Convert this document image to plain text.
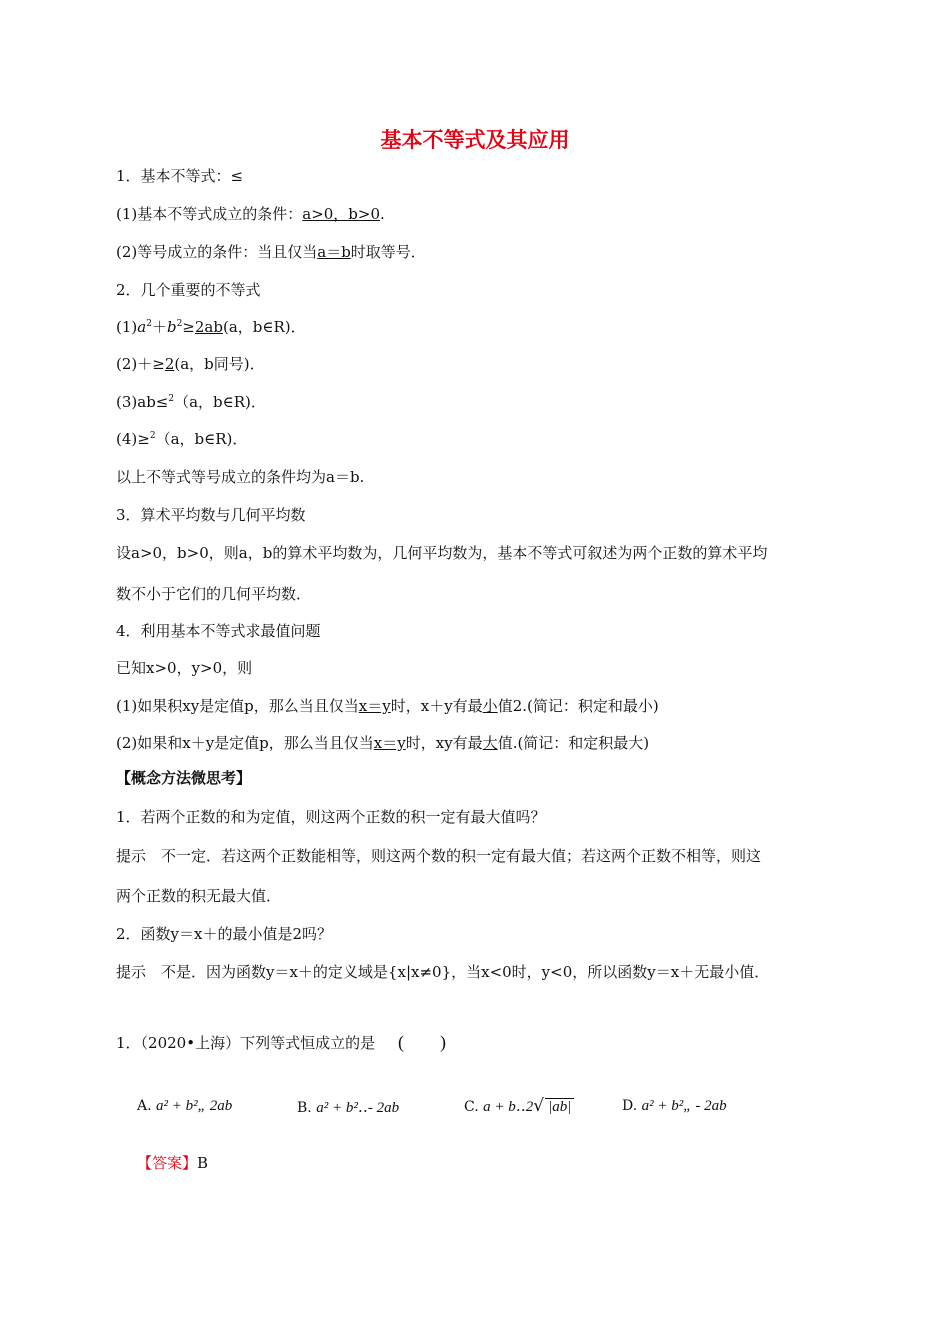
基本不等式及其应用
1．基本不等式：≤
(1)基本不等式成立的条件：a>0，b>0.
(2)等号成立的条件：当且仅当a＝b时取等号．
2．几个重要的不等式
$(1)a^2+b^2\ge 2ab(a$，b∈R)．
(2)＋≥2(a，b同号)．
(3)ab≤$^2$（a，b∈R)．
(4)≥$^2$（a，b∈R)．
以上不等式等号成立的条件均为a＝b.
3．算术平均数与几何平均数
设a>0，b>0，则a，b的算术平均数为，几何平均数为，基本不等式可叙述为两个正数的算术平均
数不小于它们的几何平均数．
4．利用基本不等式求最值问题
已知x>0，y>0，则
(1)如果积xy是定值p，那么当且仅当x＝y时，x＋y有最小值2.(简记：积定和最小)
(2)如果和x＋y是定值p，那么当且仅当x＝y时，xy有最大值.(简记：和定积最大)
【概念方法微思考】
1．若两个正数的和为定值，则这两个正数的积一定有最大值吗？
提示　不一定．若这两个正数能相等，则这两个数的积一定有最大值；若这两个正数不相等，则这
两个正数的积无最大值．
2．函数y＝x＋的最小值是2吗？
提示　不是．因为函数y＝x＋的定义域是{x|x≠0}，当x<0时，y<0，所以函数y＝x＋无最小值．
1．（2020•上海）下列等式恒成立的是 (　　)
A. a² + b²„ 2ab	B. a² + b²‥- 2ab	C. a + b‥2√ |ab|	D. a² + b²„ - 2ab
【答案】B
